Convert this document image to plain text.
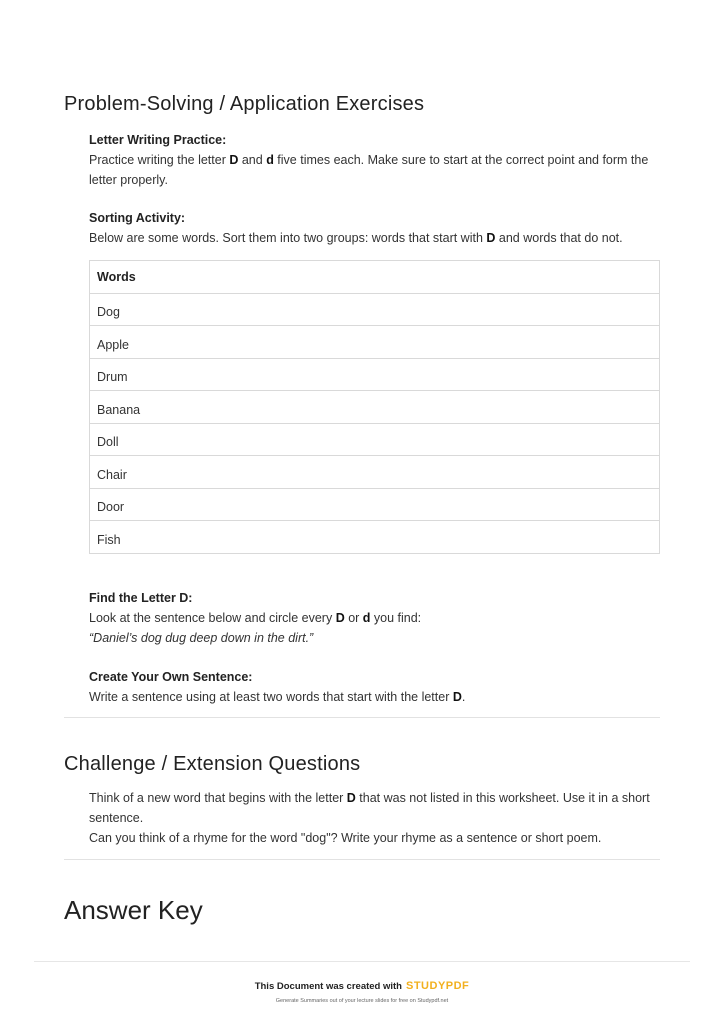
Problem-Solving / Application Exercises
Letter Writing Practice:

Practice writing the letter D and d five times each. Make sure to start at the correct point and form the letter properly.

Sorting Activity:

Below are some words. Sort them into two groups: words that start with D and words that do not.

Words
Dog
Apple
Drum
Banana
Doll
Chair
Door
Fish
Find the Letter D:

Look at the sentence below and circle every D or d you find:

“Daniel’s dog dug deep down in the dirt.”

Create Your Own Sentence:

Write a sentence using at least two words that start with the letter D.

Challenge / Extension Questions

Think of a new word that begins with the letter D that was not listed in this worksheet. Use it in a short sentence.

Can you think of a rhyme for the word "dog"? Write your rhyme as a sentence or short poem.

Answer Key
This Document was created with STUDYPDF
Generate Summaries out of your lecture slides for free on Studypdf.net
